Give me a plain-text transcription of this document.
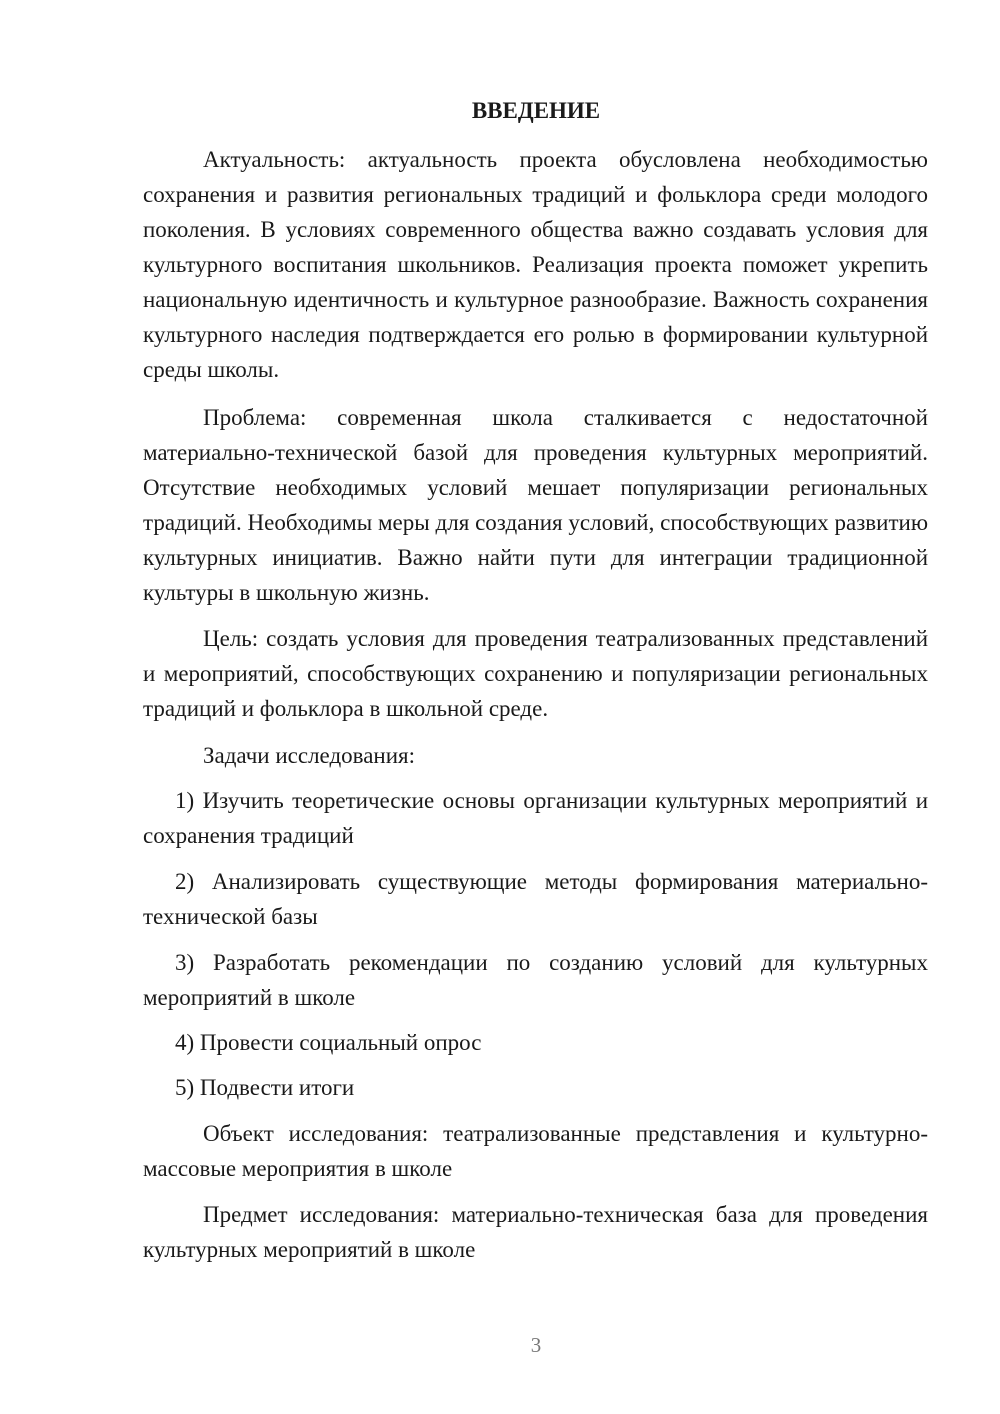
ВВЕДЕНИЕ

Актуальность: актуальность проекта обусловлена необходимостью сохранения и развития региональных традиций и фольклора среди молодого поколения. В условиях современного общества важно создавать условия для культурного воспитания школьников. Реализация проекта поможет укрепить национальную идентичность и культурное разнообразие. Важность сохранения культурного наследия подтверждается его ролью в формировании культурной среды школы.

Проблема: современная школа сталкивается с недостаточной материально-технической базой для проведения культурных мероприятий. Отсутствие необходимых условий мешает популяризации региональных традиций. Необходимы меры для создания условий, способствующих развитию культурных инициатив. Важно найти пути для интеграции традиционной культуры в школьную жизнь.

Цель: создать условия для проведения театрализованных представлений и мероприятий, способствующих сохранению и популяризации региональных традиций и фольклора в школьной среде.

Задачи исследования:

1) Изучить теоретические основы организации культурных мероприятий и сохранения традиций

2) Анализировать существующие методы формирования материально-технической базы

3) Разработать рекомендации по созданию условий для культурных мероприятий в школе

4) Провести социальный опрос

5) Подвести итоги

Объект исследования: театрализованные представления и культурно-массовые мероприятия в школе

Предмет исследования: материально-техническая база для проведения культурных мероприятий в школе

3
